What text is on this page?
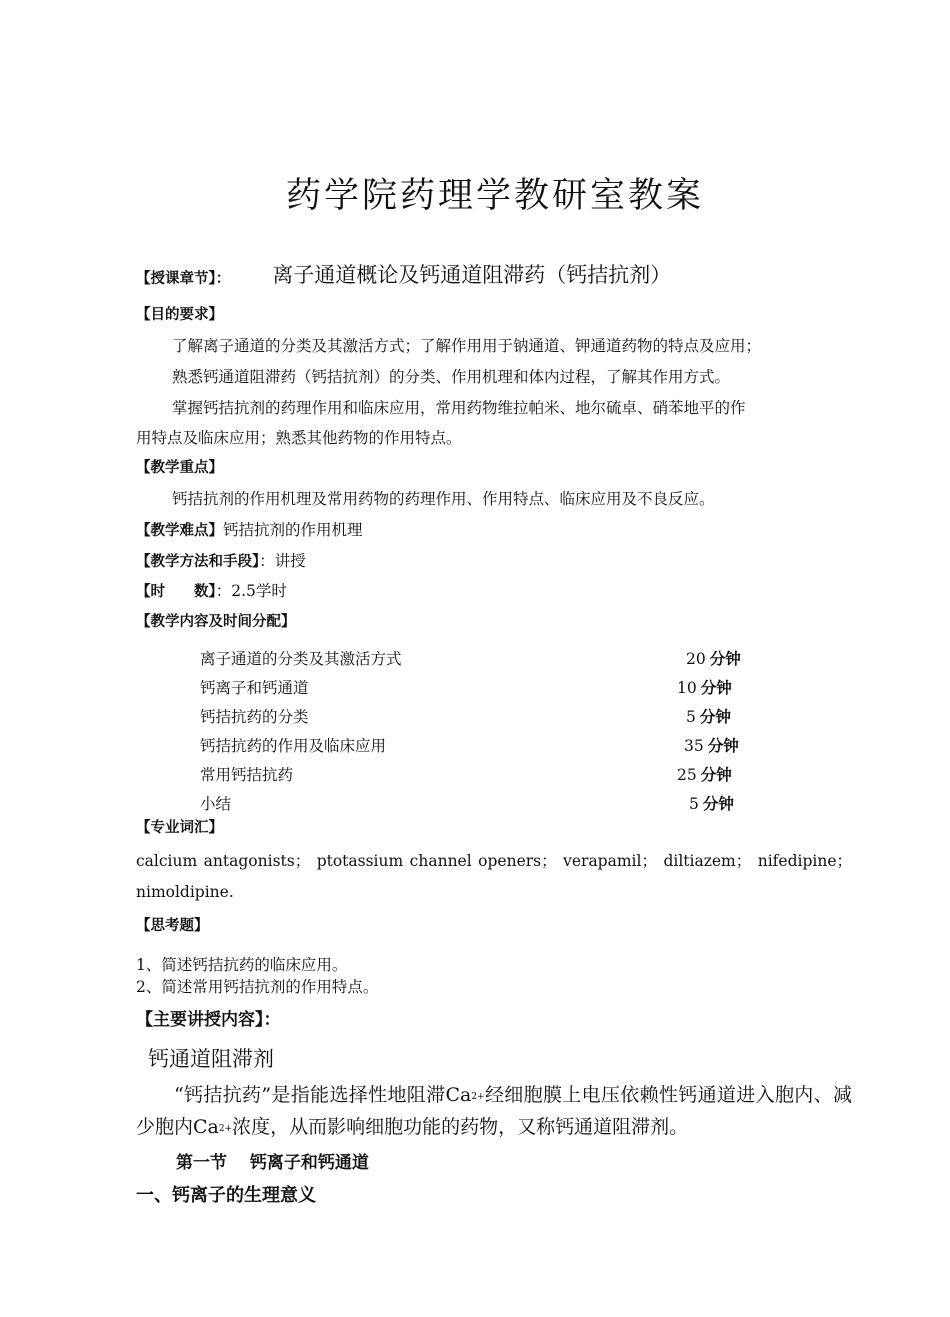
药学院药理学教研室教案
【授课章节】： 离子通道概论及钙通道阻滞药（钙拮抗剂）
【目的要求】
了解离子通道的分类及其激活方式；了解作用用于钠通道、钾通道药物的特点及应用；
熟悉钙通道阻滞药（钙拮抗剂）的分类、作用机理和体内过程，了解其作用方式。
掌握钙拮抗剂的药理作用和临床应用，常用药物维拉帕米、地尔硫卓、硝苯地平的作
用特点及临床应用；熟悉其他药物的作用特点。
【教学重点】
钙拮抗剂的作用机理及常用药物的药理作用、作用特点、临床应用及不良反应。
【教学难点】钙拮抗剂的作用机理
【教学方法和手段】：讲授
【时　　数】：2.5学时
【教学内容及时间分配】
离子通道的分类及其激活方式	20 分钟
钙离子和钙通道	10 分钟
钙拮抗药的分类	5 分钟
钙拮抗药的作用及临床应用	35 分钟
常用钙拮抗药	25 分钟
小结	5 分钟
【专业词汇】
calcium antagonists； ptotassium channel openers； verapamil； diltiazem； nifedipine；
nimoldipine.
【思考题】
1、简述钙拮抗药的临床应用。
2、简述常用钙拮抗剂的作用特点。
【主要讲授内容】：
钙通道阻滞剂
“钙拮抗药”是指能选择性地阻滞$Ca^{2+}$经细胞膜上电压依赖性钙通道进入胞内、减少胞内$Ca^{2+}$浓度，从而影响细胞功能的药物，又称钙通道阻滞剂。
第一节　 钙离子和钙通道
一、钙离子的生理意义
